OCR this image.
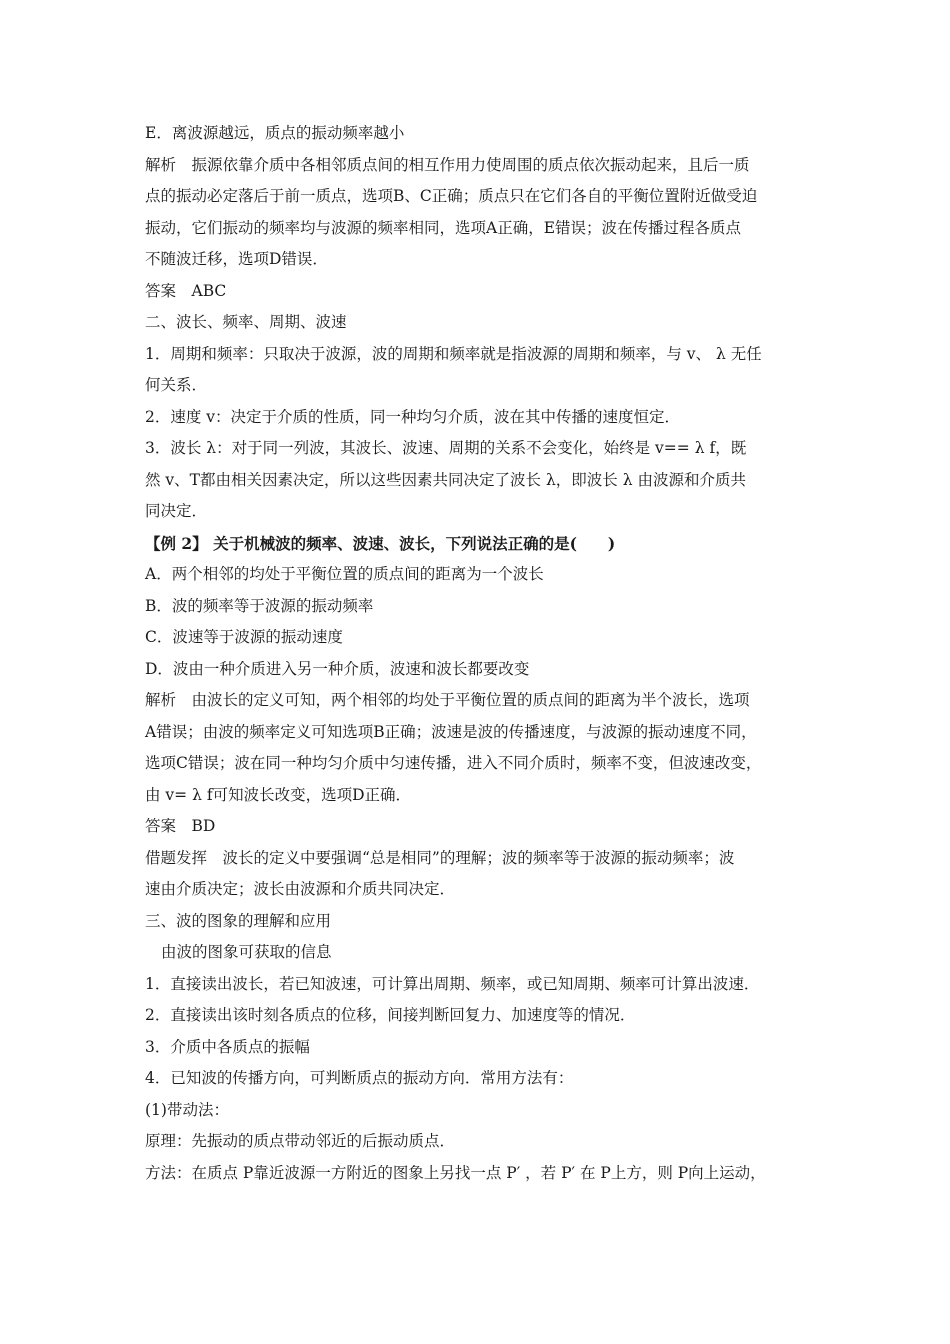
E．离波源越远，质点的振动频率越小
解析　振源依靠介质中各相邻质点间的相互作用力使周围的质点依次振动起来，且后一质
点的振动必定落后于前一质点，选项B、C正确；质点只在它们各自的平衡位置附近做受迫
振动，它们振动的频率均与波源的频率相同，选项A正确，E错误；波在传播过程各质点
不随波迁移，选项D错误．
答案　ABC
二、波长、频率、周期、波速
1．周期和频率：只取决于波源，波的周期和频率就是指波源的周期和频率，与 v、 λ 无任
何关系．
2．速度 v：决定于介质的性质，同一种均匀介质，波在其中传播的速度恒定．
3．波长 λ：对于同一列波，其波长、波速、周期的关系不会变化，始终是 v== λ f，既
然 v、T都由相关因素决定，所以这些因素共同决定了波长 λ，即波长 λ 由波源和介质共
同决定．
【例 2】 关于机械波的频率、波速、波长，下列说法正确的是(　　)
A．两个相邻的均处于平衡位置的质点间的距离为一个波长
B．波的频率等于波源的振动频率
C．波速等于波源的振动速度
D．波由一种介质进入另一种介质，波速和波长都要改变
解析　由波长的定义可知，两个相邻的均处于平衡位置的质点间的距离为半个波长，选项
A错误；由波的频率定义可知选项B正确；波速是波的传播速度，与波源的振动速度不同，
选项C错误；波在同一种均匀介质中匀速传播，进入不同介质时，频率不变，但波速改变，
由 v= λ f可知波长改变，选项D正确．
答案　BD
借题发挥　波长的定义中要强调“总是相同”的理解；波的频率等于波源的振动频率；波
速由介质决定；波长由波源和介质共同决定．
三、波的图象的理解和应用
由波的图象可获取的信息
1．直接读出波长，若已知波速，可计算出周期、频率，或已知周期、频率可计算出波速．
2．直接读出该时刻各质点的位移，间接判断回复力、加速度等的情况．
3．介质中各质点的振幅
4．已知波的传播方向，可判断质点的振动方向．常用方法有：
(1)带动法：
原理：先振动的质点带动邻近的后振动质点．
方法：在质点 P靠近波源一方附近的图象上另找一点 P′ ，若 P′ 在 P上方，则 P向上运动，
